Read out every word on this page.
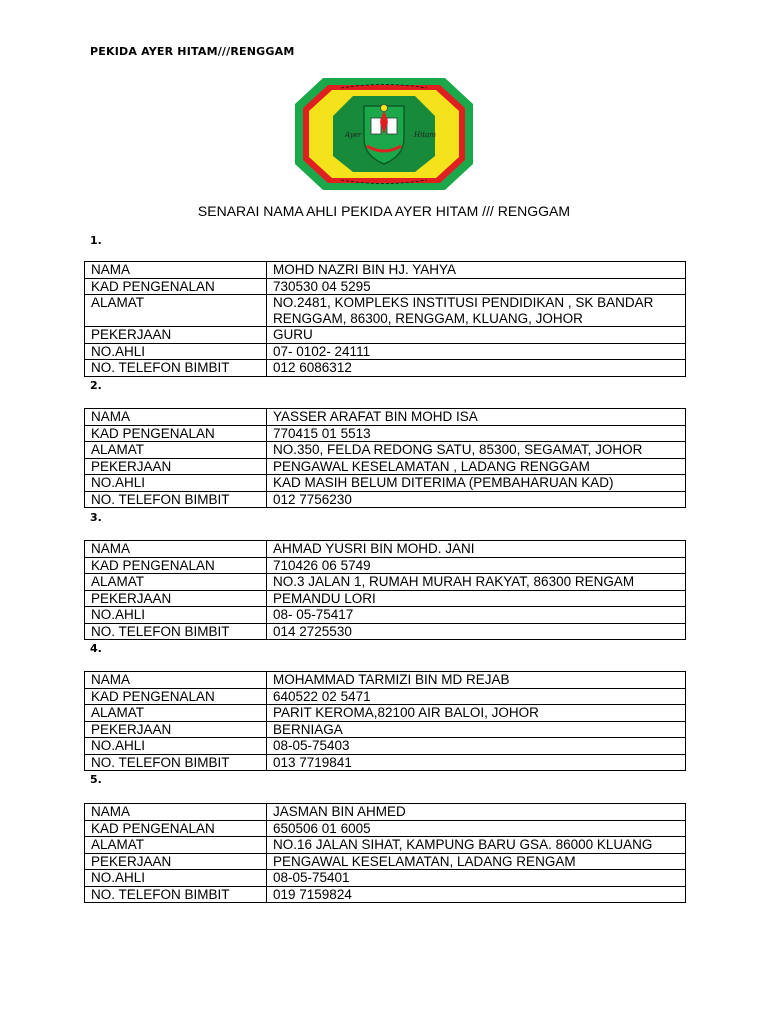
PEKIDA AYER HITAM///RENGGAM
Ayer	Hitam
SENARAI NAMA AHLI PEKIDA AYER HITAM /// RENGGAM
1.
NAMA	MOHD NAZRI BIN HJ. YAHYA
KAD PENGENALAN	730530 04 5295
ALAMAT	NO.2481, KOMPLEKS INSTITUSI PENDIDIKAN , SK BANDAR RENGGAM, 86300, RENGGAM, KLUANG, JOHOR
PEKERJAAN	GURU
NO.AHLI	07- 0102- 24111
NO. TELEFON BIMBIT	012 6086312
2.
NAMA	YASSER ARAFAT BIN MOHD ISA
KAD PENGENALAN	770415 01 5513
ALAMAT	NO.350, FELDA REDONG SATU, 85300, SEGAMAT, JOHOR
PEKERJAAN	PENGAWAL KESELAMATAN , LADANG RENGGAM
NO.AHLI	KAD MASIH BELUM DITERIMA (PEMBAHARUAN KAD)
NO. TELEFON BIMBIT	012 7756230
3.
NAMA	AHMAD YUSRI BIN MOHD. JANI
KAD PENGENALAN	710426 06 5749
ALAMAT	NO.3 JALAN 1, RUMAH MURAH RAKYAT, 86300 RENGAM
PEKERJAAN	PEMANDU LORI
NO.AHLI	08- 05-75417
NO. TELEFON BIMBIT	014 2725530
4.
NAMA	MOHAMMAD TARMIZI BIN MD REJAB
KAD PENGENALAN	640522 02 5471
ALAMAT	PARIT KEROMA,82100 AIR BALOI, JOHOR
PEKERJAAN	BERNIAGA
NO.AHLI	08-05-75403
NO. TELEFON BIMBIT	013 7719841
5.
NAMA	JASMAN BIN AHMED
KAD PENGENALAN	650506 01 6005
ALAMAT	NO.16 JALAN SIHAT, KAMPUNG BARU GSA. 86000 KLUANG
PEKERJAAN	PENGAWAL KESELAMATAN, LADANG RENGAM
NO.AHLI	08-05-75401
NO. TELEFON BIMBIT	019 7159824
